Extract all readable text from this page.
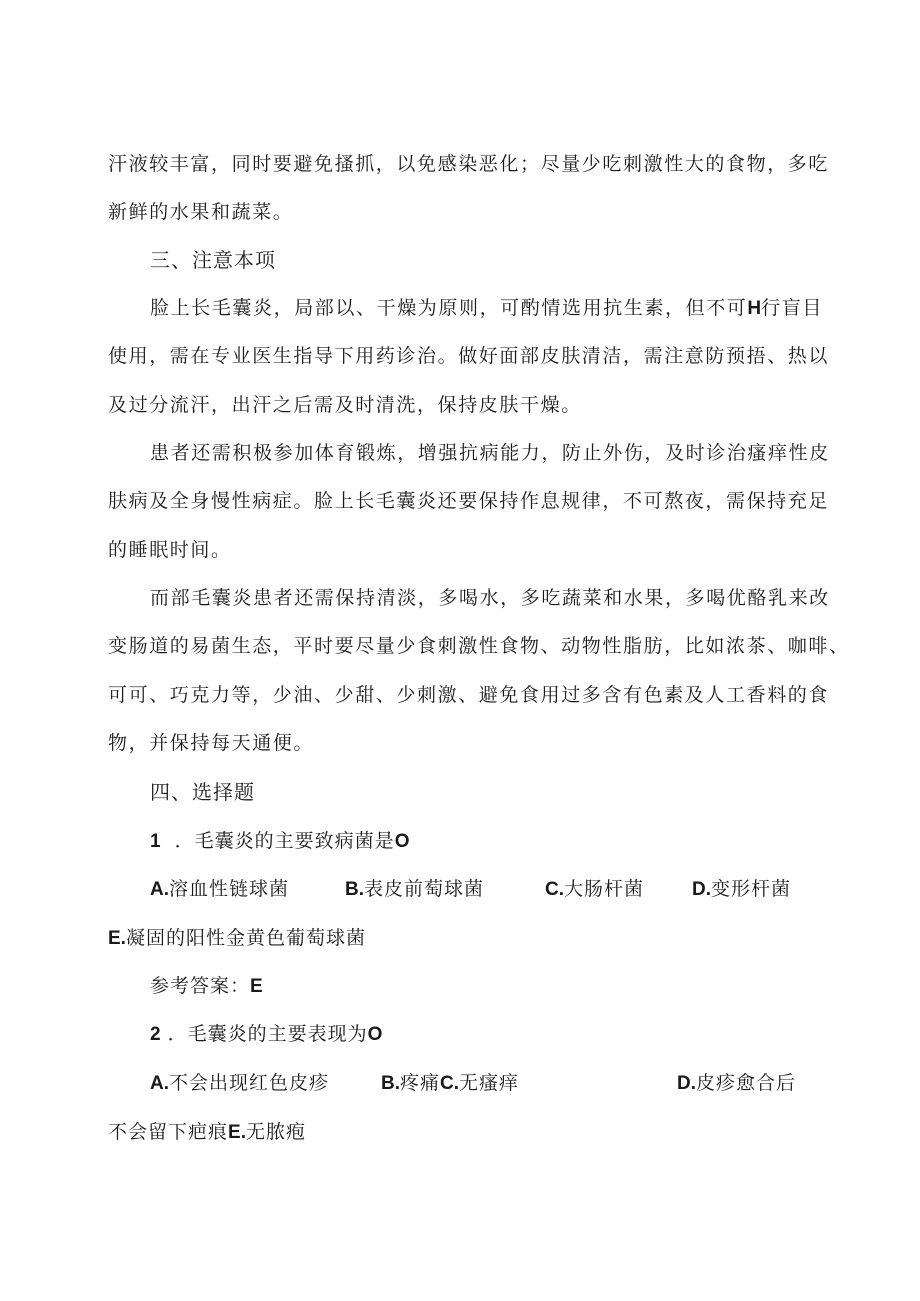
汗液较丰富，同时要避免搔抓，以免感染恶化；尽量少吃刺激性大的食物，多吃
新鲜的水果和蔬菜。
三、注意本项
脸上长毛囊炎，局部以、干燥为原则，可酌情选用抗生素，但不可H行盲目
使用，需在专业医生指导下用药诊治。做好面部皮肤清洁，需注意防预捂、热以
及过分流汗，出汗之后需及时清洗，保持皮肤干燥。
患者还需积极参加体育锻炼，增强抗病能力，防止外伤，及时诊治瘙痒性皮
肤病及全身慢性病症。脸上长毛囊炎还要保持作息规律，不可熬夜，需保持充足
的睡眠时间。
而部毛囊炎患者还需保持清淡，多喝水，多吃蔬菜和水果，多喝优酪乳来改
变肠道的易菌生态，平时要尽量少食刺激性食物、动物性脂肪，比如浓茶、咖啡、
可可、巧克力等，少油、少甜、少刺激、避免食用过多含有色素及人工香料的食
物，并保持每天通便。
四、选择题
1 ．毛囊炎的主要致病菌是O
A.溶血性链球菌	B.表皮前萄球菌	C.大肠杆菌	D.变形杆菌
E.凝固的阳性金黄色葡萄球菌
参考答案：E
2 ．毛囊炎的主要表现为O
A.不会出现红色皮疹	B.疼痛C.无瘙痒	D.皮疹愈合后
不会留下疤痕E.无脓疱
